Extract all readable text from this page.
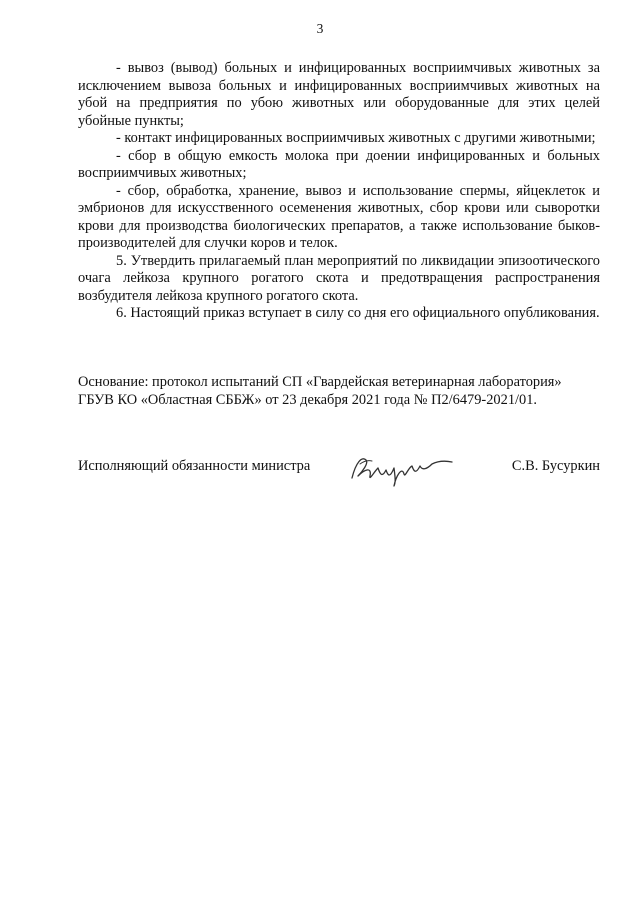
3

- вывоз (вывод) больных и инфицированных восприимчивых животных за исключением вывоза больных и инфицированных восприимчивых животных на убой на предприятия по убою животных или оборудованные для этих целей убойные пункты;

- контакт инфицированных восприимчивых животных с другими животными;

- сбор в общую емкость молока при доении инфицированных и больных восприимчивых животных;

- сбор, обработка, хранение, вывоз и использование спермы, яйцеклеток и эмбрионов для искусственного осеменения животных, сбор крови или сыворотки крови для производства биологических препаратов, а также использование быков-производителей для случки коров и телок.

5. Утвердить прилагаемый план мероприятий по ликвидации эпизоотического очага лейкоза крупного рогатого скота и предотвращения распространения возбудителя лейкоза крупного рогатого скота.

6. Настоящий приказ вступает в силу со дня его официального опубликования.

Основание: протокол испытаний СП «Гвардейская ветеринарная лаборатория» ГБУВ КО «Областная СББЖ» от 23 декабря 2021 года № П2/6479-2021/01.

Исполняющий обязанности министра	С.В. Бусуркин
